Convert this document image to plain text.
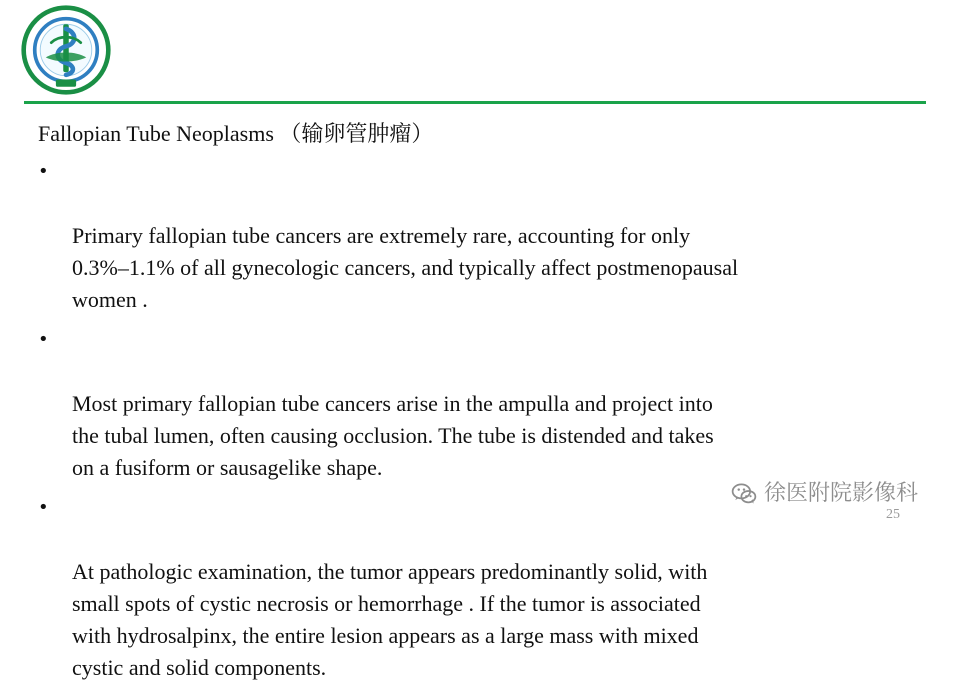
Fallopian Tube Neoplasms （输卵管肿瘤）

•

Primary fallopian tube cancers are extremely rare, accounting for only
0.3%–1.1% of all gynecologic cancers, and typically affect postmenopausal
women .

•

Most primary fallopian tube cancers arise in the ampulla and project into
the tubal lumen, often causing occlusion. The tube is distended and takes
on a fusiform or sausagelike shape.

•

At pathologic examination, the tumor appears predominantly solid, with
small spots of cystic necrosis or hemorrhage . If the tumor is associated
with hydrosalpinx, the entire lesion appears as a large mass with mixed
cystic and solid components.

徐医附院影像科
25
